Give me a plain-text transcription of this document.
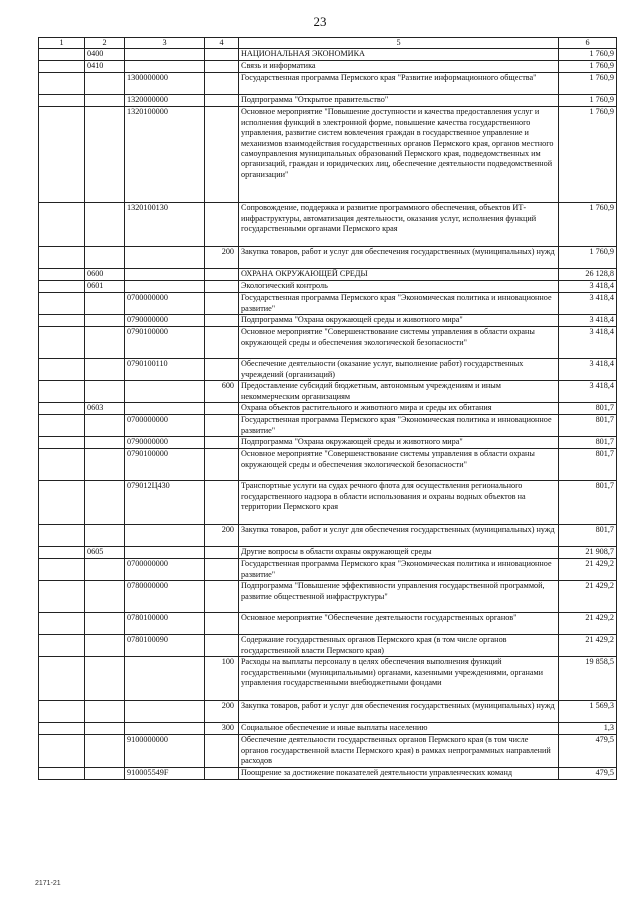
23
1	2	3	4	5	6
	0400			НАЦИОНАЛЬНАЯ ЭКОНОМИКА	1 760,9
	0410			Связь и информатика	1 760,9
		1300000000		Государственная программа Пермского края "Развитие информационного общества"	1 760,9
		1320000000		Подпрограмма "Открытое правительство"	1 760,9
		1320100000		Основное мероприятие "Повышение доступности и качества предоставления услуг и исполнения функций в электронной форме, повышение качества государственного управления, развитие систем вовлечения граждан в государственное управление и механизмов взаимодействия государственных органов Пермского края, органов местного самоуправления муниципальных образований Пермского края, подведомственных им организаций, граждан и юридических лиц, обеспечение деятельности подведомственной организации"	1 760,9
		1320100130		Сопровождение, поддержка и развитие программного обеспечения, объектов ИТ-инфраструктуры, автоматизация деятельности, оказания услуг, исполнения функций государственными органами Пермского края	1 760,9
			200	Закупка товаров, работ и услуг для обеспечения государственных (муниципальных) нужд	1 760,9
	0600			ОХРАНА ОКРУЖАЮЩЕЙ СРЕДЫ	26 128,8
	0601			Экологический контроль	3 418,4
		0700000000		Государственная программа Пермского края "Экономическая политика и инновационное развитие"	3 418,4
		0790000000		Подпрограмма "Охрана окружающей среды и животного мира"	3 418,4
		0790100000		Основное мероприятие "Совершенствование системы управления в области охраны окружающей среды и обеспечения экологической безопасности"	3 418,4
		0790100110		Обеспечение деятельности (оказание услуг, выполнение работ) государственных учреждений (организаций)	3 418,4
			600	Предоставление субсидий бюджетным, автономным учреждениям и иным некоммерческим организациям	3 418,4
	0603			Охрана объектов растительного и животного мира и среды их обитания	801,7
		0700000000		Государственная программа Пермского края "Экономическая политика и инновационное развитие"	801,7
		0790000000		Подпрограмма "Охрана окружающей среды и животного мира"	801,7
		0790100000		Основное мероприятие "Совершенствование системы управления в области охраны окружающей среды и обеспечения экологической безопасности"	801,7
		079012Ц430		Транспортные услуги на судах речного флота для осуществления регионального государственного надзора в области использования и охраны водных объектов на территории Пермского края	801,7
			200	Закупка товаров, работ и услуг для обеспечения государственных (муниципальных) нужд	801,7
	0605			Другие вопросы в области охраны окружающей среды	21 908,7
		0700000000		Государственная программа Пермского края "Экономическая политика и инновационное развитие"	21 429,2
		0780000000		Подпрограмма "Повышение эффективности управления государственной программой, развитие общественной инфраструктуры"	21 429,2
		0780100000		Основное мероприятие "Обеспечение деятельности государственных органов"	21 429,2
		0780100090		Содержание государственных органов Пермского края (в том числе органов государственной власти Пермского края)	21 429,2
			100	Расходы на выплаты персоналу в целях обеспечения выполнения функций государственными (муниципальными) органами, казенными учреждениями, органами управления государственными внебюджетными фондами	19 858,5
			200	Закупка товаров, работ и услуг для обеспечения государственных (муниципальных) нужд	1 569,3
			300	Социальное обеспечение и иные выплаты населению	1,3
		9100000000		Обеспечение деятельности государственных органов Пермского края (в том числе органов государственной власти Пермского края) в рамках непрограммных направлений расходов	479,5
		910005549F		Поощрение за достижение показателей деятельности управленческих команд	479,5
2171-21
